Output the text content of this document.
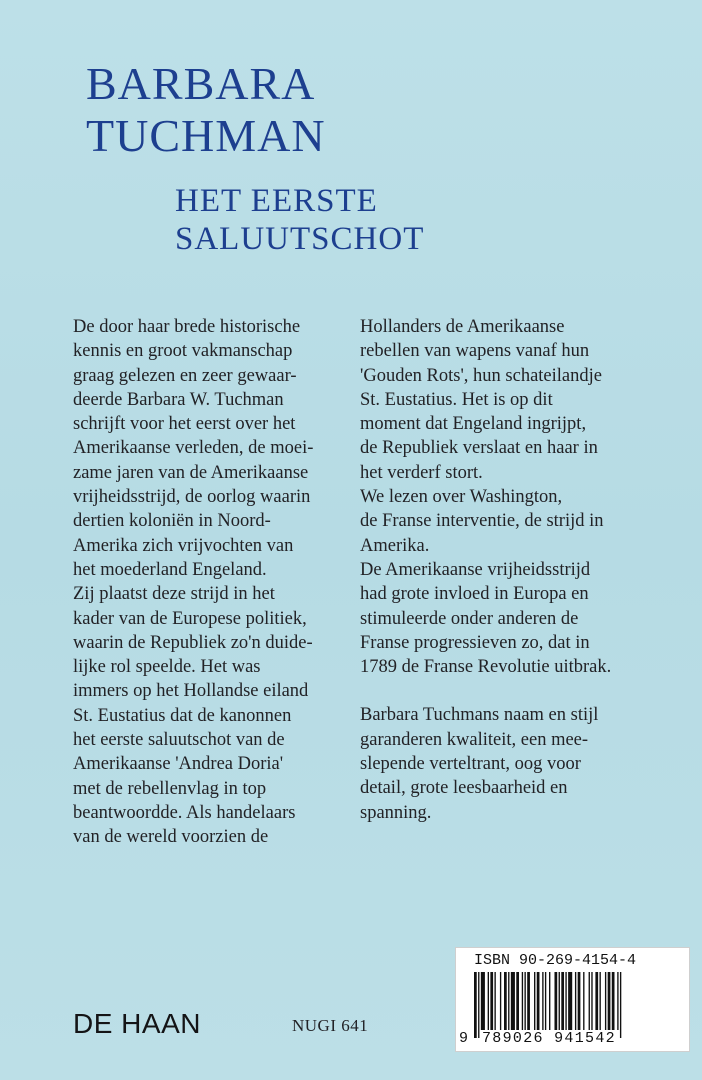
BARBARA
TUCHMAN
HET EERSTE
SALUUTSCHOT

De door haar brede historische

kennis en groot vakmanschap

graag gelezen en zeer gewaar-

deerde Barbara W. Tuchman

schrijft voor het eerst over het

Amerikaanse verleden, de moei-

zame jaren van de Amerikaanse

vrijheidsstrijd, de oorlog waarin

dertien koloniën in Noord-

Amerika zich vrijvochten van

het moederland Engeland.

Zij plaatst deze strijd in het

kader van de Europese politiek,

waarin de Republiek zo'n duide-

lijke rol speelde. Het was

immers op het Hollandse eiland

St. Eustatius dat de kanonnen

het eerste saluutschot van de

Amerikaanse 'Andrea Doria'

met de rebellenvlag in top

beantwoordde. Als handelaars

van de wereld voorzien de

Hollanders de Amerikaanse

rebellen van wapens vanaf hun

'Gouden Rots', hun schateilandje

St. Eustatius. Het is op dit

moment dat Engeland ingrijpt,

de Republiek verslaat en haar in

het verderf stort.

We lezen over Washington,

de Franse interventie, de strijd in

Amerika.

De Amerikaanse vrijheidsstrijd

had grote invloed in Europa en

stimuleerde onder anderen de

Franse progressieven zo, dat in

1789 de Franse Revolutie uitbrak.

Barbara Tuchmans naam en stijl

garanderen kwaliteit, een mee-

slepende verteltrant, oog voor

detail, grote leesbaarheid en

spanning.

DE HAAN	NUGI 641
ISBN 90-269-4154-4
9 789026 941542
